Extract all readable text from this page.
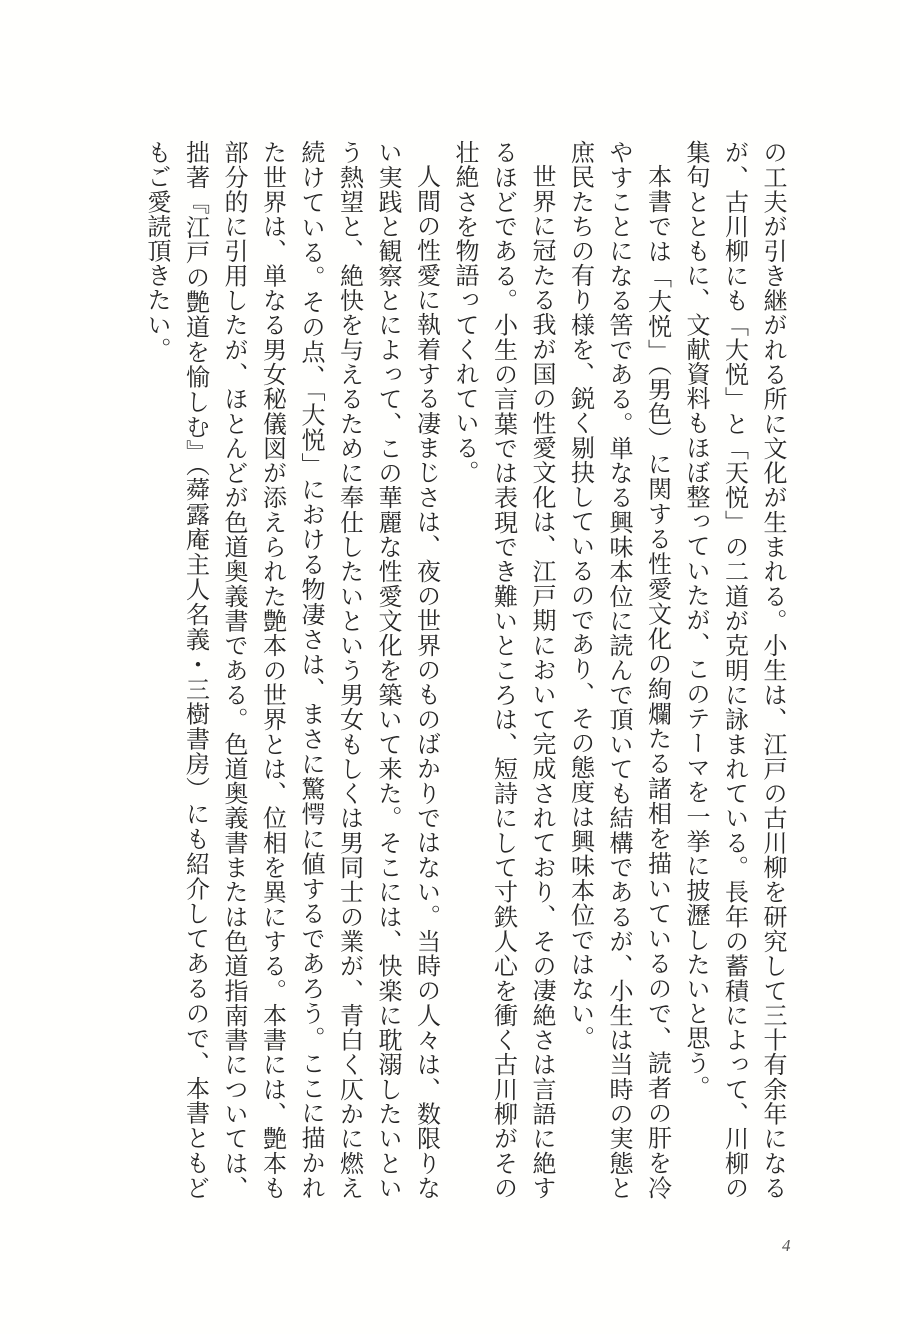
の工夫が引き継がれる所に文化が生まれる。小生は、江戸の古川柳を研究して三十有余年になるが、古川柳にも「大悦」と「天悦」の二道が克明に詠まれている。長年の蓄積によって、川柳の集句とともに、文献資料もほぼ整っていたが、このテーマを一挙に披瀝したいと思う。

本書では「大悦」（男色）に関する性愛文化の絢爛たる諸相を描いているので、読者の肝を冷やすことになる筈である。単なる興味本位に読んで頂いても結構であるが、小生は当時の実態と庶民たちの有り様を、鋭く剔抉しているのであり、その態度は興味本位ではない。

世界に冠たる我が国の性愛文化は、江戸期において完成されており、その凄絶さは言語に絶するほどである。小生の言葉では表現でき難いところは、短詩にして寸鉄人心を衝く古川柳がその壮絶さを物語ってくれている。

人間の性愛に執着する凄まじさは、夜の世界のものばかりではない。当時の人々は、数限りない実践と観察とによって、この華麗な性愛文化を築いて来た。そこには、快楽に耽溺したいという熱望と、絶快を与えるために奉仕したいという男女もしくは男同士の業が、青白く仄かに燃え続けている。その点、「大悦」における物凄さは、まさに驚愕に値するであろう。ここに描かれた世界は、単なる男女秘儀図が添えられた艶本の世界とは、位相を異にする。本書には、艶本も部分的に引用したが、ほとんどが色道奥義書である。色道奥義書または色道指南書については、拙著『江戸の艶道を愉しむ』（蕣露庵主人名義・三樹書房）にも紹介してあるので、本書ともどもご愛読頂きたい。

4
